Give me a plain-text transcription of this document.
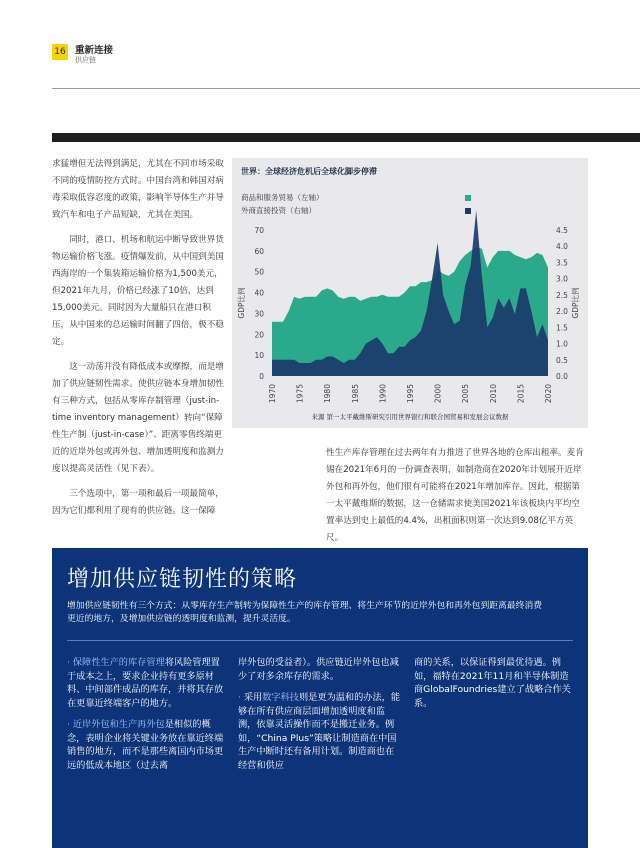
16 重新连接
供应链

求猛增但无法得到满足，尤其在不同市场采取不同的疫情防控方式时。中国台湾和韩国对病毒采取低容忍度的政策，影响半导体生产并导致汽车和电子产品短缺，尤其在美国。

同时，港口、机场和航运中断导致世界货物运输价格飞涨。疫情爆发前，从中国到美国西海岸的一个集装箱运输价格为1,500美元，但2021年九月，价格已经涨了10倍，达到15,000美元。同时因为大量船只在港口积压，从中国来的总运输时间翻了四倍，极不稳定。

这一动荡并没有降低成本或摩擦，而是增加了供应链韧性需求。使供应链本身增加韧性有三种方式，包括从零库存制管理（just-in-time inventory management）转向“保障性生产制（just-in-case）”、距离零售终端更近的近岸外包或再外包、增加透明度和监测力度以提高灵活性（见下表）。

三个选项中，第一项和最后一项最简单，因为它们都利用了现有的供应链。这一保障

世界：全球经济危机后全球化脚步停滞
商品和服务贸易（左轴）
外商直接投资（右轴）
0
10
20
30
40
50
60
70
0.0
0.5
1.0
1.5
2.0
2.5
3.0
3.5
4.0
4.5
1970 1975 1980 1985 1990 1995 2000 2005 2010 2015 2020
GDP比例	GDP比例
来源 第一太平戴维斯研究引用世界银行和联合国贸易和发展会议数据
性生产库存管理在过去两年有力推进了世界各地的仓库出租率。麦肯锡在2021年6月的一份调查表明，如制造商在2020年计划展开近岸外包和再外包，他们很有可能将在2021年增加库存。因此，根据第一太平戴维斯的数据，这一仓储需求使美国2021年该板块内平均空置率达到史上最低的4.4%，出租面积则第一次达到9.08亿平方英尺。
增加供应链韧性的策略
增加供应链韧性有三个方式：从零库存生产制转为保障性生产的库存管理、将生产环节的近岸外包和再外包到距离最终消费更近的地方，及增加供应链的透明度和监测，提升灵活度。

· 保障性生产的库存管理将风险管理置于成本之上，要求企业持有更多原材料、中间部件成品的库存，并将其存放在更靠近终端客户的地方。

· 近岸外包和生产再外包是相似的概念，表明企业将关键业务放在靠近终端销售的地方，而不是那些离国内市场更远的低成本地区（过去离

岸外包的受益者）。供应链近岸外包也减少了对多余库存的需求。

· 采用数字科技则是更为温和的办法，能够在所有供应商层面增加透明度和监测，依靠灵活操作而不是搬迁业务。例如，“China Plus”策略让制造商在中国生产中断时还有备用计划。制造商也在经营和供应

商的关系，以保证得到最优待遇。例如，福特在2021年11月和半导体制造商GlobalFoundries建立了战略合作关系。
